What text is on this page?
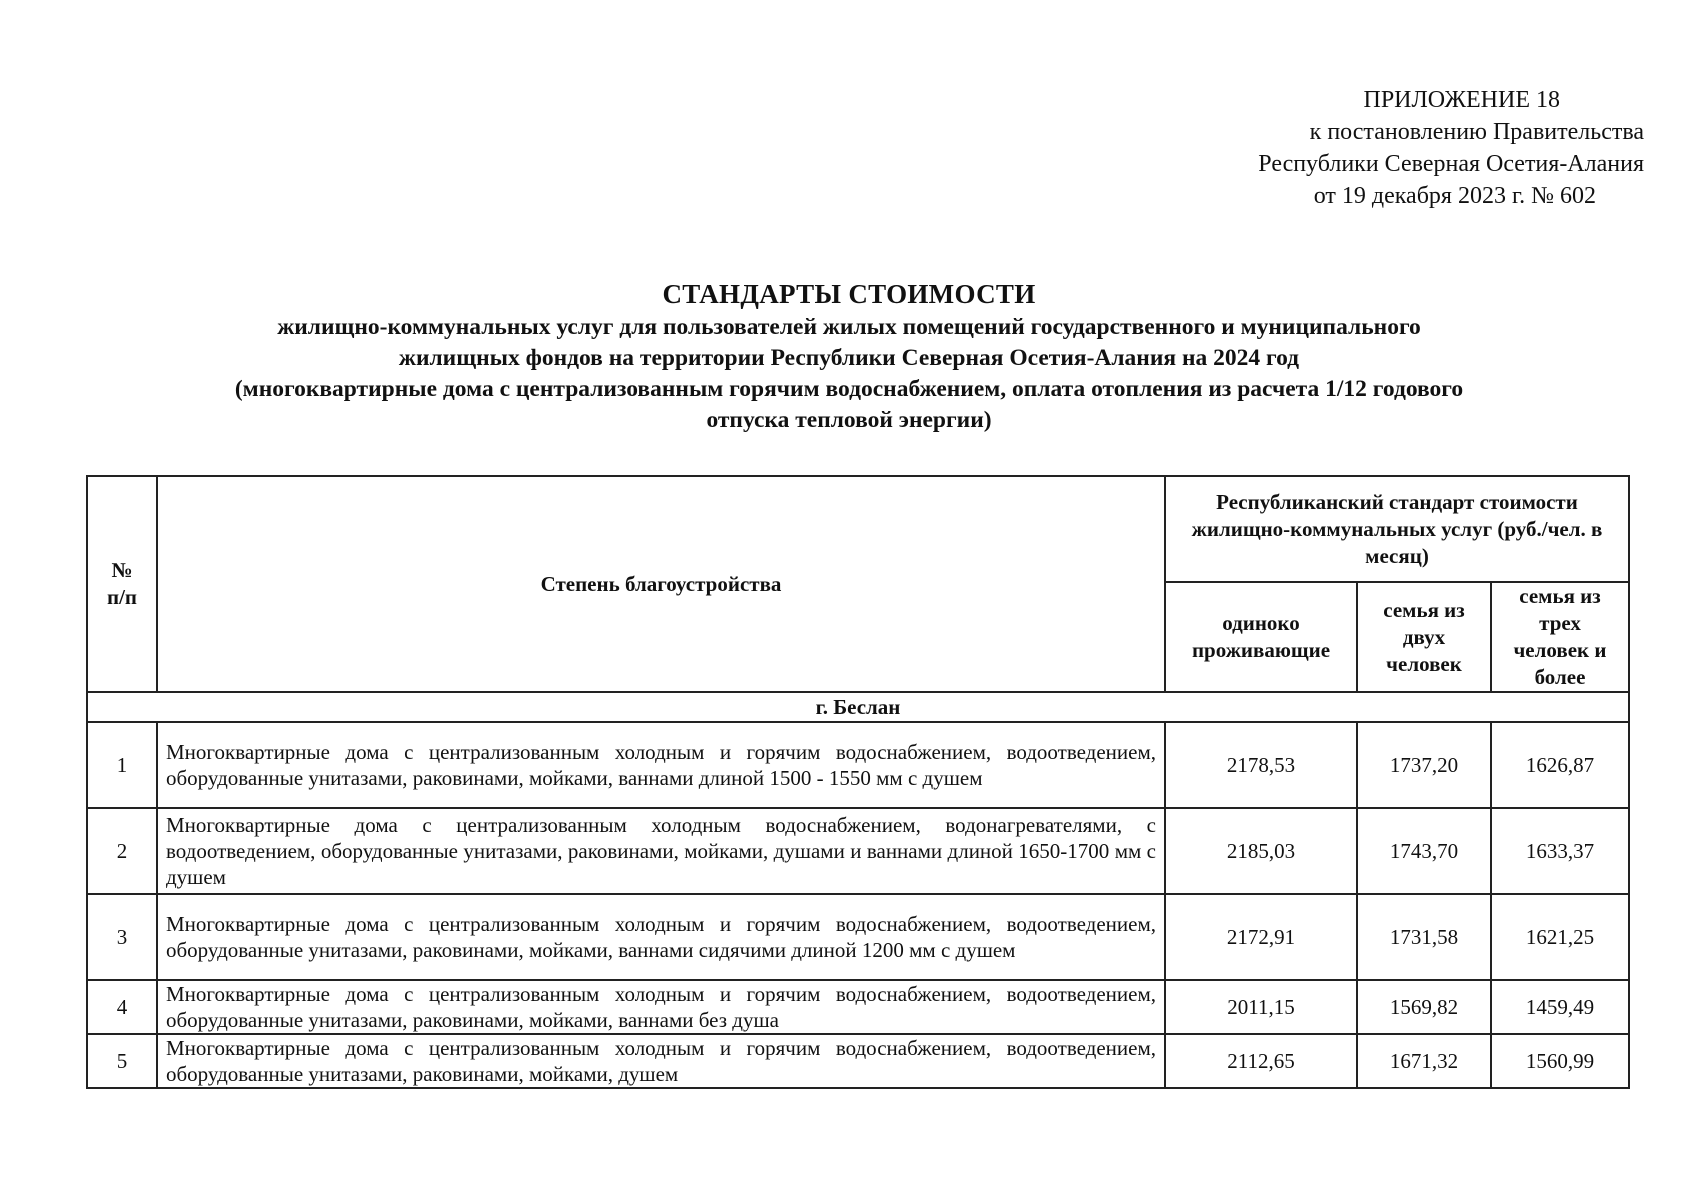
ПРИЛОЖЕНИЕ 18
к постановлению Правительства
Республики Северная Осетия-Алания
от 19 декабря 2023 г. № 602
СТАНДАРТЫ СТОИМОСТИ
жилищно-коммунальных услуг для пользователей жилых помещений государственного и муниципального
жилищных фондов на территории Республики Северная Осетия-Алания на 2024 год
(многоквартирные дома с централизованным горячим водоснабжением, оплата отопления из расчета 1/12 годового
отпуска тепловой энергии)
№ п/п	Степень благоустройства	Республиканский стандарт стоимости жилищно-коммунальных услуг (руб./чел. в месяц)		
		одиноко проживающие	семья из двух человек	семья из трех человек и более
г. Беслан				
1	Многоквартирные дома с централизованным холодным и горячим водоснабжением, водоотведением, оборудованные унитазами, раковинами, мойками, ваннами длиной 1500 - 1550 мм с душем	2178,53	1737,20	1626,87
2	Многоквартирные дома с централизованным холодным водоснабжением, водонагревателями, с водоотведением, оборудованные унитазами, раковинами, мойками, душами и ваннами длиной 1650-1700 мм с душем	2185,03	1743,70	1633,37
3	Многоквартирные дома с централизованным холодным и горячим водоснабжением, водоотведением, оборудованные унитазами, раковинами, мойками, ваннами сидячими длиной 1200 мм с душем	2172,91	1731,58	1621,25
4	Многоквартирные дома с централизованным холодным и горячим водоснабжением, водоотведением, оборудованные унитазами, раковинами, мойками, ваннами без душа	2011,15	1569,82	1459,49
5	Многоквартирные дома с централизованным холодным и горячим водоснабжением, водоотведением, оборудованные унитазами, раковинами, мойками, душем	2112,65	1671,32	1560,99
